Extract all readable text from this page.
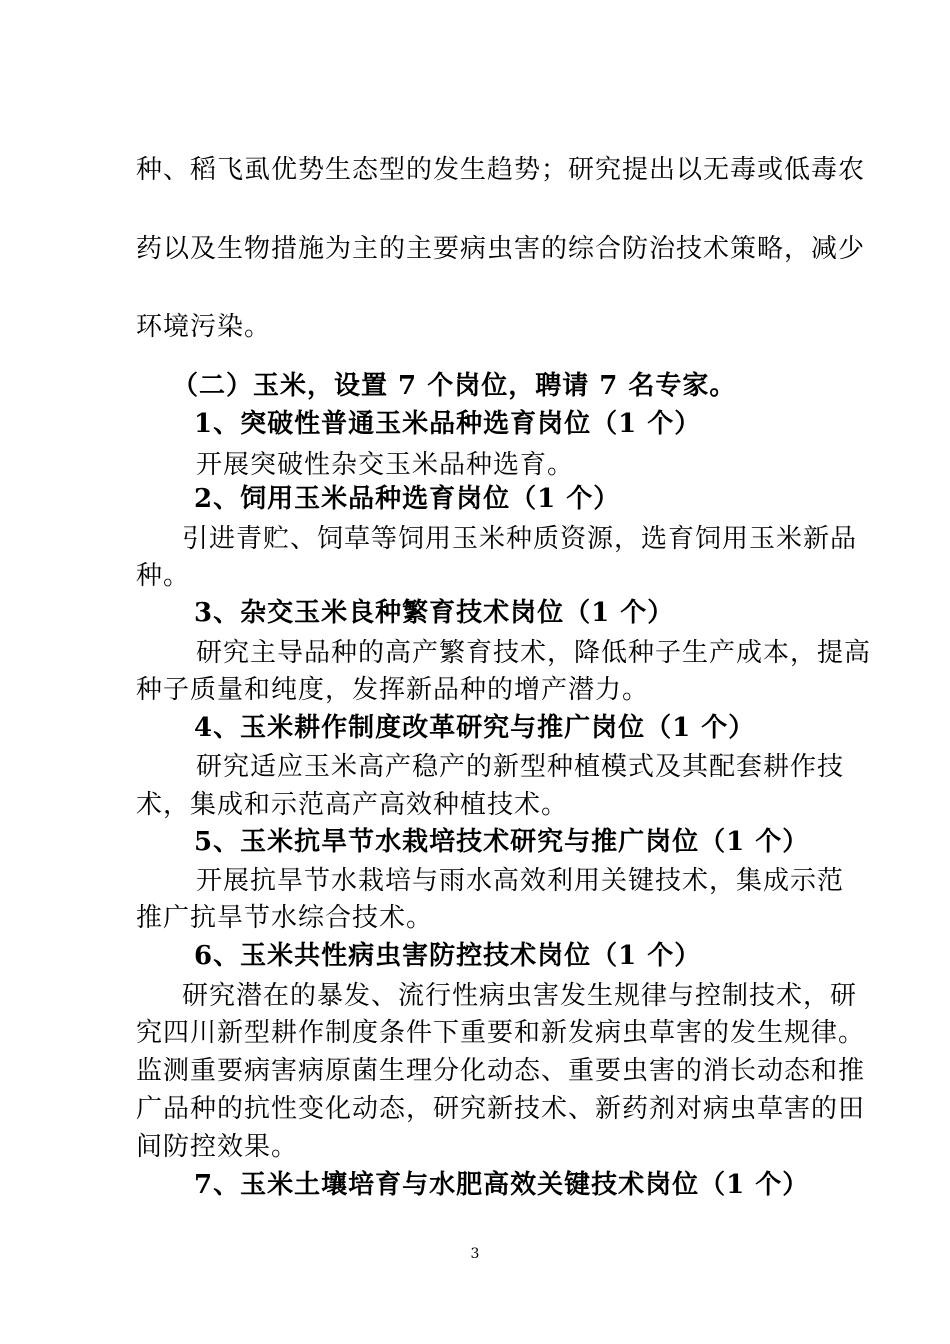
种、稻飞虱优势生态型的发生趋势；研究提出以无毒或低毒农
药以及生物措施为主的主要病虫害的综合防治技术策略，减少
环境污染。
（二）玉米，设置 7 个岗位，聘请 7 名专家。
1、突破性普通玉米品种选育岗位（1 个）
开展突破性杂交玉米品种选育。
2、饲用玉米品种选育岗位（1 个）
引进青贮、饲草等饲用玉米种质资源，选育饲用玉米新品
种。
3、杂交玉米良种繁育技术岗位（1 个）
研究主导品种的高产繁育技术，降低种子生产成本，提高
种子质量和纯度，发挥新品种的增产潜力。
4、玉米耕作制度改革研究与推广岗位（1 个）
研究适应玉米高产稳产的新型种植模式及其配套耕作技
术，集成和示范高产高效种植技术。
5、玉米抗旱节水栽培技术研究与推广岗位（1 个）
开展抗旱节水栽培与雨水高效利用关键技术，集成示范
推广抗旱节水综合技术。
6、玉米共性病虫害防控技术岗位（1 个）
研究潜在的暴发、流行性病虫害发生规律与控制技术，研
究四川新型耕作制度条件下重要和新发病虫草害的发生规律。
监测重要病害病原菌生理分化动态、重要虫害的消长动态和推
广品种的抗性变化动态，研究新技术、新药剂对病虫草害的田
间防控效果。
7、玉米土壤培育与水肥高效关键技术岗位（1 个）
3
